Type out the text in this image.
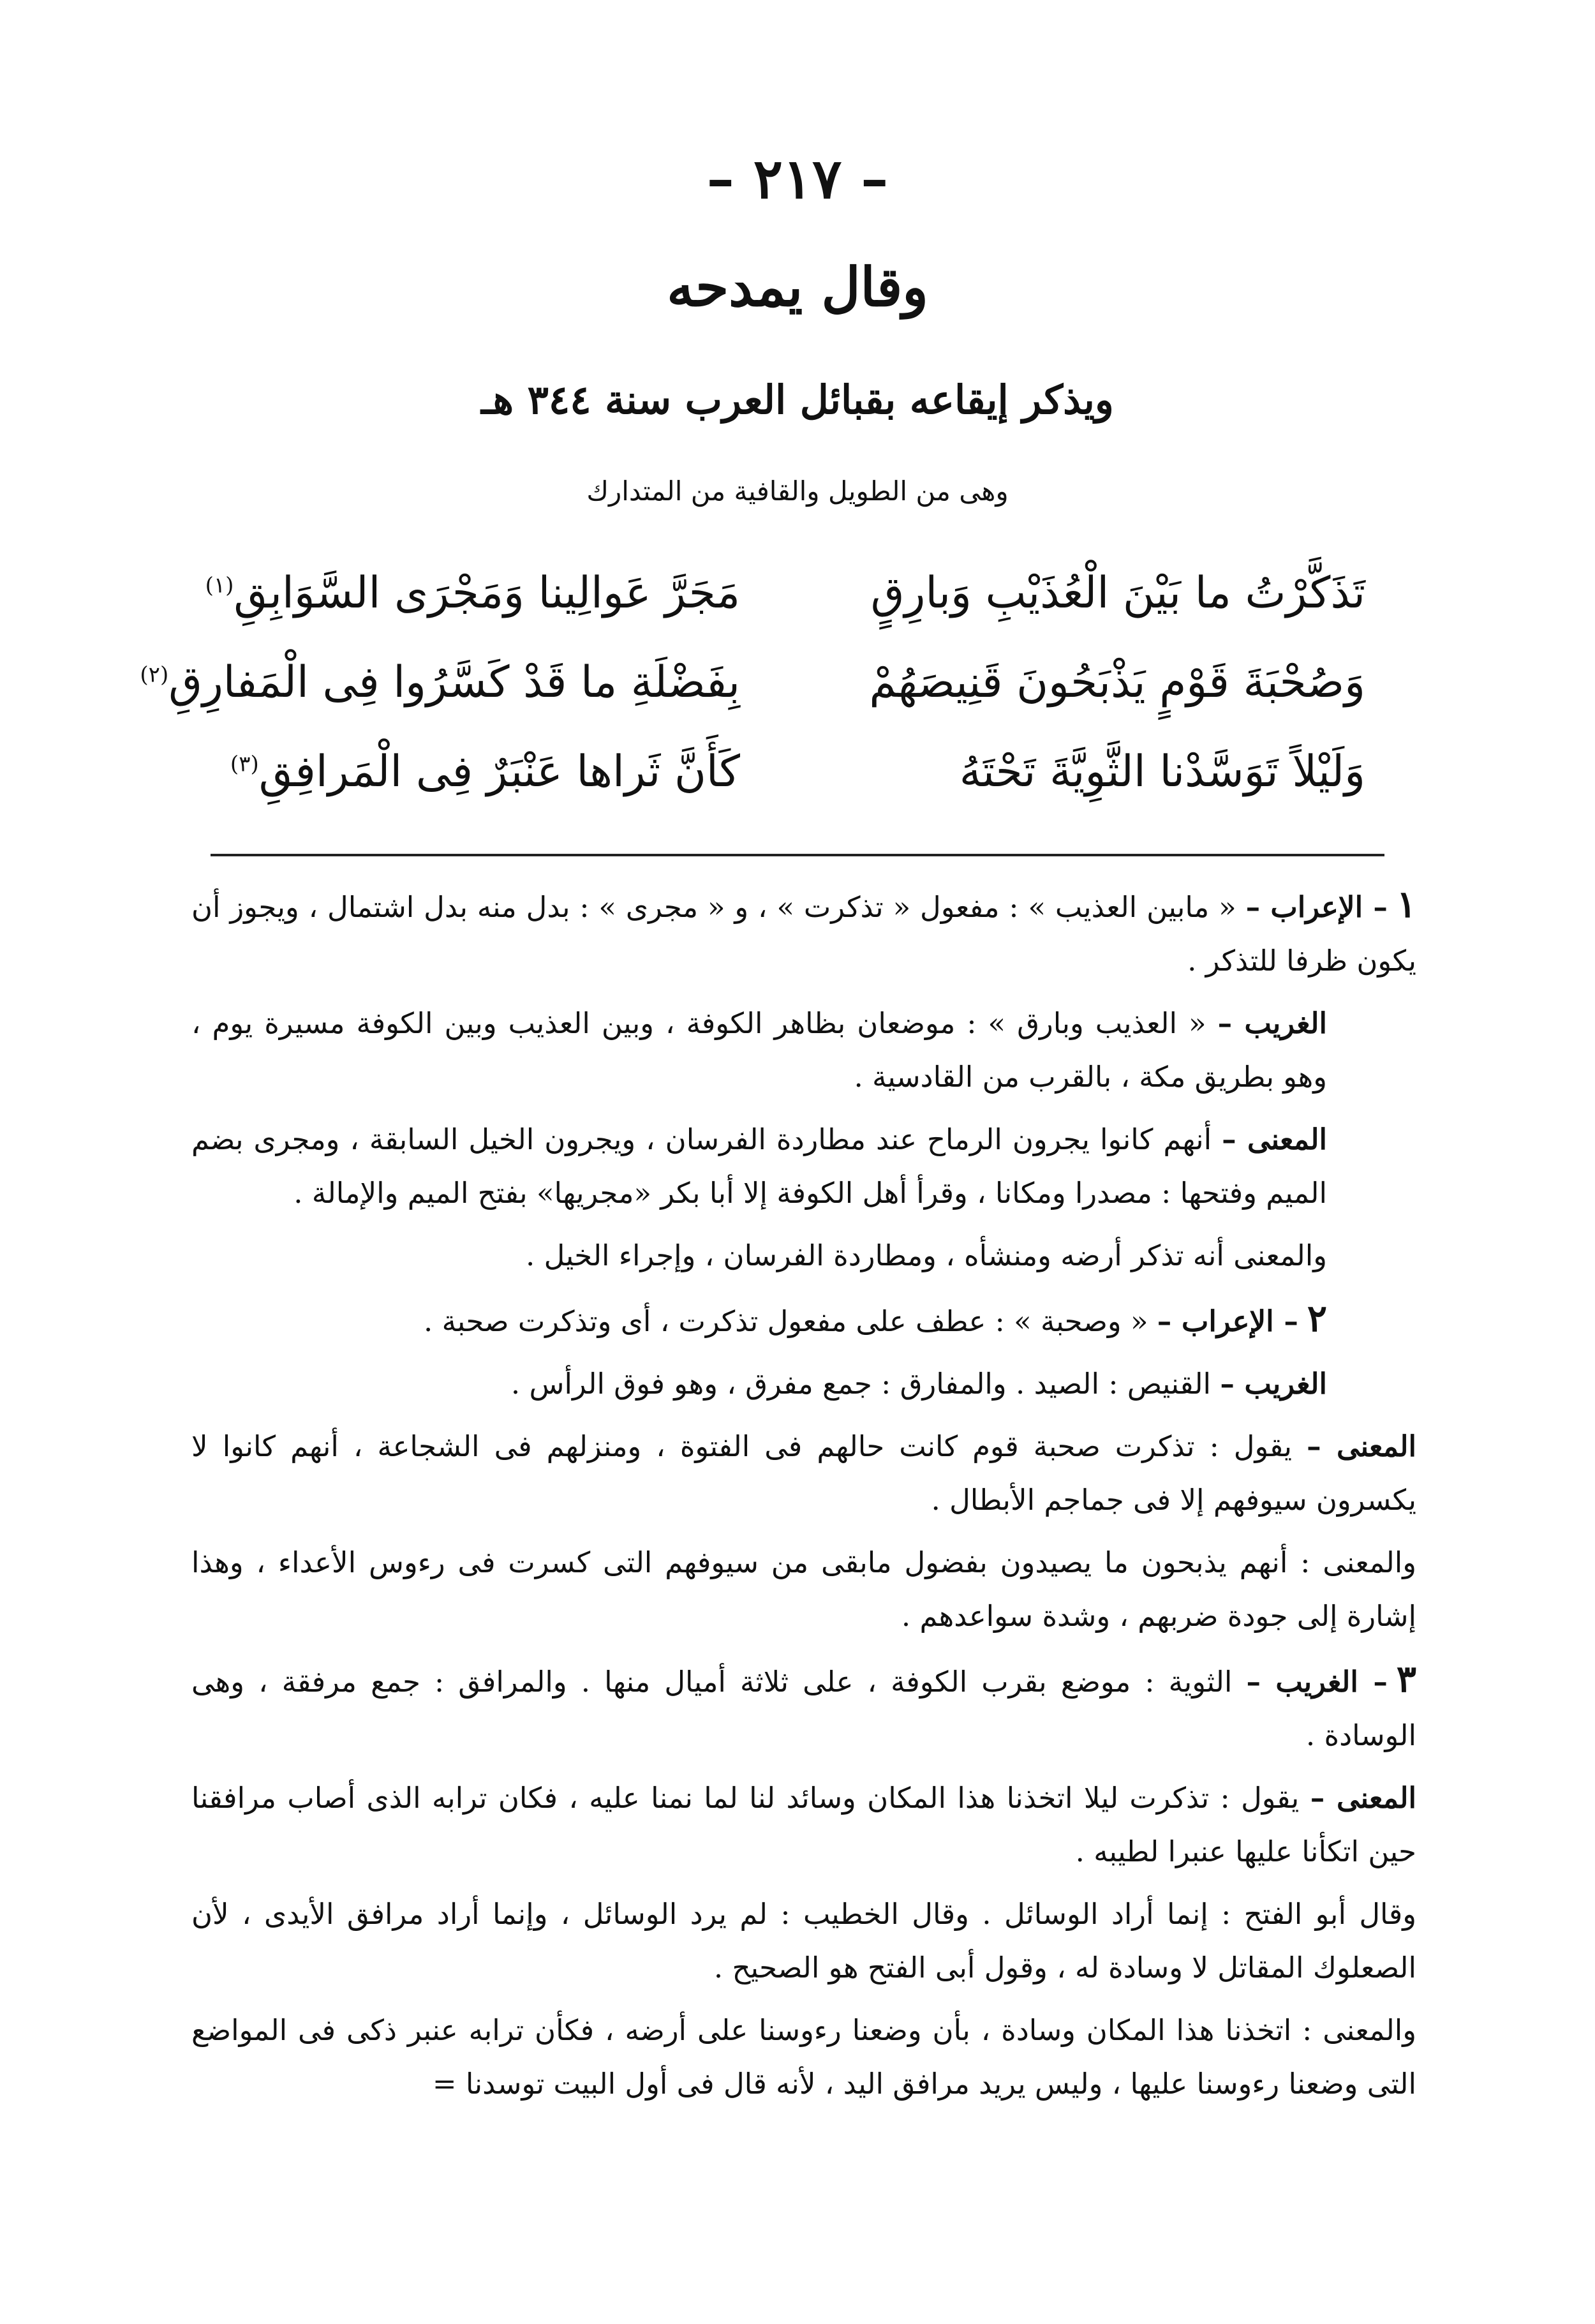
– ٢١٧ –
وقال يمدحه
ويذكر إيقاعه بقبائل العرب سنة ٣٤٤ هـ
وهى من الطويل والقافية من المتدارك
تَذَكَّرْتُ ما بَيْنَ الْعُذَيْبِ وَبارِقٍ
مَجَرَّ عَوالِينا وَمَجْرَى السَّوَابِقِ$^{(١)}$
وَصُحْبَةَ قَوْمٍ يَذْبَحُونَ قَنِيصَهُمْ
بِفَضْلَةِ ما قَدْ كَسَّرُوا فِى الْمَفارِقِ$^{(٢)}$
وَلَيْلاً تَوَسَّدْنا الثَّوِيَّةَ تَحْتَهُ
كَأَنَّ ثَراها عَنْبَرٌ فِى الْمَرافِقِ$^{(٣)}$

١– الإعراب – « مابين العذيب » : مفعول « تذكرت » ، و « مجرى » : بدل منه بدل اشتمال ، ويجوز أن يكون ظرفا للتذكر .

الغريب – « العذيب وبارق » : موضعان بظاهر الكوفة ، وبين العذيب وبين الكوفة مسيرة يوم ، وهو بطريق مكة ، بالقرب من القادسية .

المعنى – أنهم كانوا يجرون الرماح عند مطاردة الفرسان ، ويجرون الخيل السابقة ، ومجرى بضم الميم وفتحها : مصدرا ومكانا ، وقرأ أهل الكوفة إلا أبا بكر «مجريها» بفتح الميم والإمالة .

والمعنى أنه تذكر أرضه ومنشأه ، ومطاردة الفرسان ، وإجراء الخيل .

٢– الإعراب – « وصحبة » : عطف على مفعول تذكرت ، أى وتذكرت صحبة .

الغريب – القنيص : الصيد . والمفارق : جمع مفرق ، وهو فوق الرأس .

المعنى – يقول : تذكرت صحبة قوم كانت حالهم فى الفتوة ، ومنزلهم فى الشجاعة ، أنهم كانوا لا يكسرون سيوفهم إلا فى جماجم الأبطال .

والمعنى : أنهم يذبحون ما يصيدون بفضول مابقى من سيوفهم التى كسرت فى رءوس الأعداء ، وهذا إشارة إلى جودة ضربهم ، وشدة سواعدهم .

٣– الغريب – الثوية : موضع بقرب الكوفة ، على ثلاثة أميال منها . والمرافق : جمع مرفقة ، وهى الوسادة .

المعنى – يقول : تذكرت ليلا اتخذنا هذا المكان وسائد لنا لما نمنا عليه ، فكان ترابه الذى أصاب مرافقنا حين اتكأنا عليها عنبرا لطيبه .

وقال أبو الفتح : إنما أراد الوسائل . وقال الخطيب : لم يرد الوسائل ، وإنما أراد مرافق الأيدى ، لأن الصعلوك المقاتل لا وسادة له ، وقول أبى الفتح هو الصحيح .

والمعنى : اتخذنا هذا المكان وسادة ، بأن وضعنا رءوسنا على أرضه ، فكأن ترابه عنبر ذكى فى المواضع التى وضعنا رءوسنا عليها ، وليس يريد مرافق اليد ، لأنه قال فى أول البيت توسدنا =
